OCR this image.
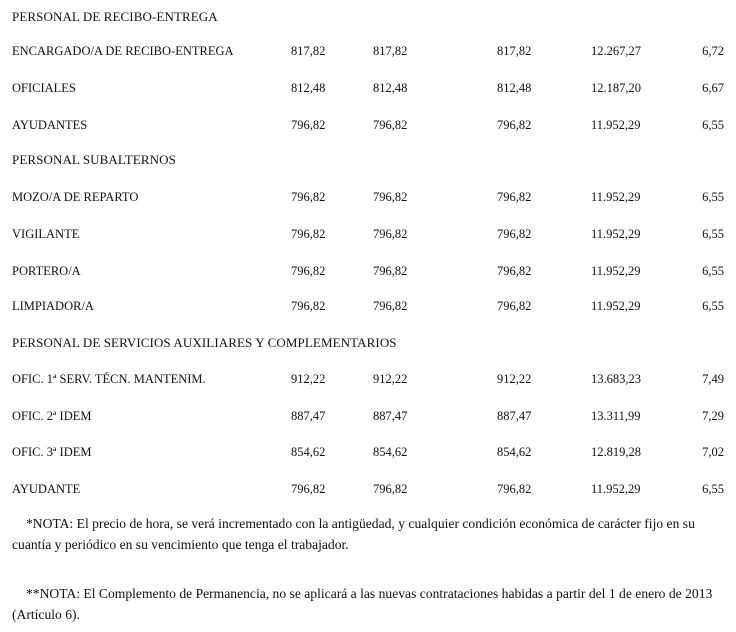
PERSONAL DE RECIBO-ENTREGA
ENCARGADO/A DE RECIBO-ENTREGA	817,82	817,82	817,82	12.267,27	6,72
OFICIALES	812,48	812,48	812,48	12.187,20	6,67
AYUDANTES	796,82	796,82	796,82	11.952,29	6,55
PERSONAL SUBALTERNOS
MOZO/A DE REPARTO	796,82	796,82	796,82	11.952,29	6,55
VIGILANTE	796,82	796,82	796,82	11.952,29	6,55
PORTERO/A	796,82	796,82	796,82	11.952,29	6,55
LIMPIADOR/A	796,82	796,82	796,82	11.952,29	6,55
PERSONAL DE SERVICIOS AUXILIARES Y COMPLEMENTARIOS
OFIC. 1ª SERV. TÉCN. MANTENIM.	912,22	912,22	912,22	13.683,23	7,49
OFIC. 2ª IDEM	887,47	887,47	887,47	13.311,99	7,29
OFIC. 3ª IDEM	854,62	854,62	854,62	12.819,28	7,02
AYUDANTE	796,82	796,82	796,82	11.952,29	6,55
*NOTA: El precio de hora, se verá incrementado con la antigüedad, y cualquier condición económica de carácter fijo en su cuantía y periódico en su vencimiento que tenga el trabajador.
**NOTA: El Complemento de Permanencia, no se aplicará a las nuevas contrataciones habidas a partir del 1 de enero de 2013 (Artículo 6).
